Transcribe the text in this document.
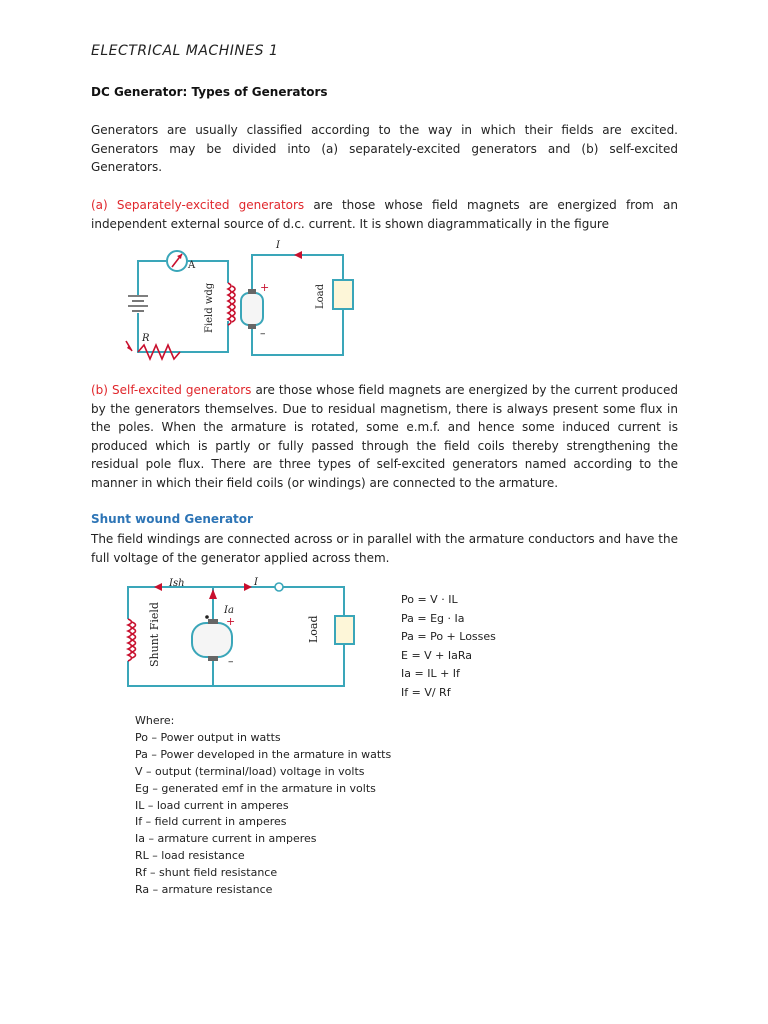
ELECTRICAL MACHINES 1
DC Generator: Types of Generators
Generators are usually classified according to the way in which their fields are excited. Generators may be divided into (a) separately-excited generators and (b) self-excited Generators.
(a) Separately-excited generators are those whose field magnets are energized from an independent external source of d.c. current. It is shown diagrammatically in the figure
A
R
Field wdg	+
–
I
Load
(b) Self-excited generators are those whose field magnets are energized by the current produced by the generators themselves. Due to residual magnetism, there is always present some flux in the poles. When the armature is rotated, some e.m.f. and hence some induced current is produced which is partly or fully passed through the field coils thereby strengthening the residual pole flux. There are three types of self-excited generators named according to the manner in which their field coils (or windings) are connected to the armature.
Shunt wound Generator
The field windings are connected across or in parallel with the armature conductors and have the full voltage of the generator applied across them.
Shunt Field	Ia
+
–
Ish	I
Load
Po = V · IL
Pa = Eg · Ia
Pa = Po + Losses
E = V + IaRa
Ia = IL + If
If = V/ Rf
Where:
Po – Power output in watts
Pa – Power developed in the armature in watts
V – output (terminal/load) voltage in volts
Eg – generated emf in the armature in volts
IL – load current in amperes
If – field current in amperes
Ia – armature current in amperes
RL – load resistance
Rf – shunt field resistance
Ra – armature resistance
